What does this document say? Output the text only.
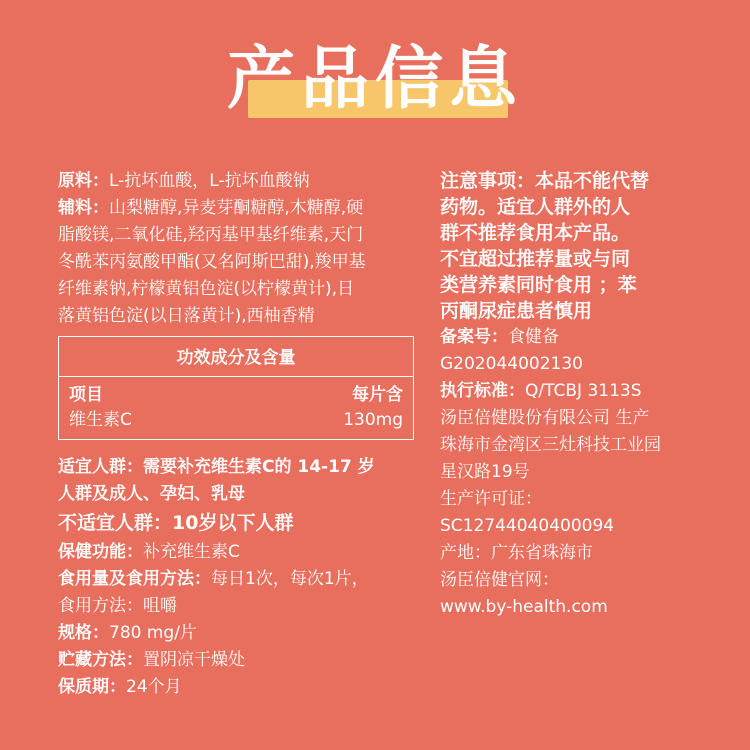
产品信息

原料：L-抗坏血酸，L-抗坏血酸钠

辅料：山梨糖醇,异麦芽酮糖醇,木糖醇,硬

脂酸镁,二氧化硅,羟丙基甲基纤维素,天门

冬酰苯丙氨酸甲酯(又名阿斯巴甜),羧甲基

纤维素钠,柠檬黄铝色淀(以柠檬黄计),日

落黄铝色淀(以日落黄计),西柚香精

功效成分及含量
项目	每片含
维生素C	130mg

适宜人群：需要补充维生素C的 14-17 岁

人群及成人、孕妇、乳母

不适宜人群：10岁以下人群

保健功能：补充维生素C

食用量及食用方法：每日1次，每次1片，

食用方法：咀嚼

规格：780 mg/片

贮藏方法：置阴凉干燥处

保质期：24个月

注意事项：本品不能代替

药物。适宜人群外的人

群不推荐食用本产品。

不宜超过推荐量或与同

类营养素同时食用 ；苯

丙酮尿症患者慎用

备案号：食健备

G202044002130

执行标准：Q/TCBJ 3113S

汤臣倍健股份有限公司 生产

珠海市金湾区三灶科技工业园

星汉路19号

生产许可证：

SC12744040400094

产地：广东省珠海市

汤臣倍健官网：

www.by-health.com
